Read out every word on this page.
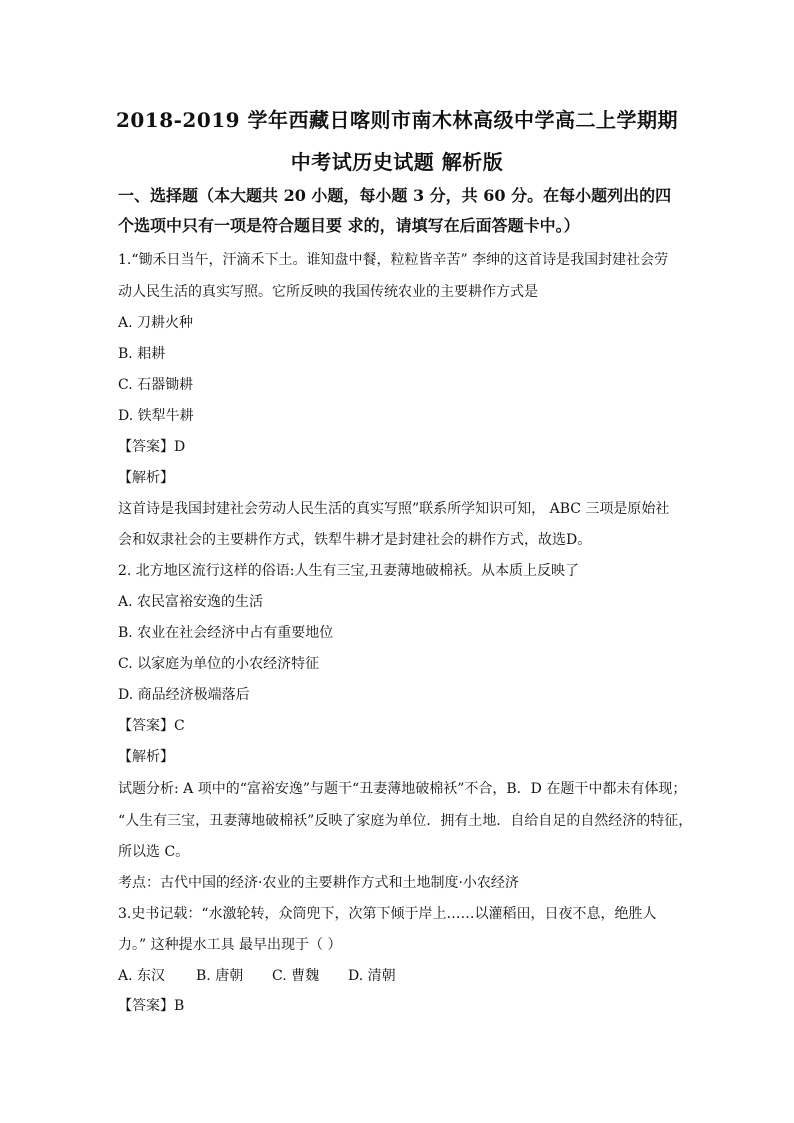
2018-2019 学年西藏日喀则市南木林高级中学高二上学期期
中考试历史试题 解析版
一、选择题（本大题共 20 小题，每小题 3 分，共 60 分。在每小题列出的四
个选项中只有一项是符合题目要 求的，请填写在后面答题卡中。）
1.“锄禾日当午，汗滴禾下土。谁知盘中餐，粒粒皆辛苦” 李绅的这首诗是我国封建社会劳
动人民生活的真实写照。它所反映的我国传统农业的主要耕作方式是
A. 刀耕火种
B. 耜耕
C. 石器锄耕
D. 铁犁牛耕
【答案】D
【解析】
这首诗是我国封建社会劳动人民生活的真实写照”联系所学知识可知， ABC 三项是原始社
会和奴隶社会的主要耕作方式，铁犁牛耕才是封建社会的耕作方式，故选D。
2. 北方地区流行这样的俗语:人生有三宝,丑妻薄地破棉袄。从本质上反映了
A. 农民富裕安逸的生活
B. 农业在社会经济中占有重要地位
C. 以家庭为单位的小农经济特征
D. 商品经济极端落后
【答案】C
【解析】
试题分析: A 项中的“富裕安逸”与题干“丑妻薄地破棉袄”不合，B．D 在题干中都未有体现；
“人生有三宝，丑妻薄地破棉袄”反映了家庭为单位．拥有土地．自给自足的自然经济的特征，
所以选 C。
考点：古代中国的经济·农业的主要耕作方式和土地制度·小农经济
3.史书记载：“水激轮转，众筒兜下，次第下倾于岸上……以灌稻田，日夜不息，绝胜人
力。” 这种提水工具 最早出现于（ ）
A. 东汉 B. 唐朝 C. 曹魏 D. 清朝
【答案】B
